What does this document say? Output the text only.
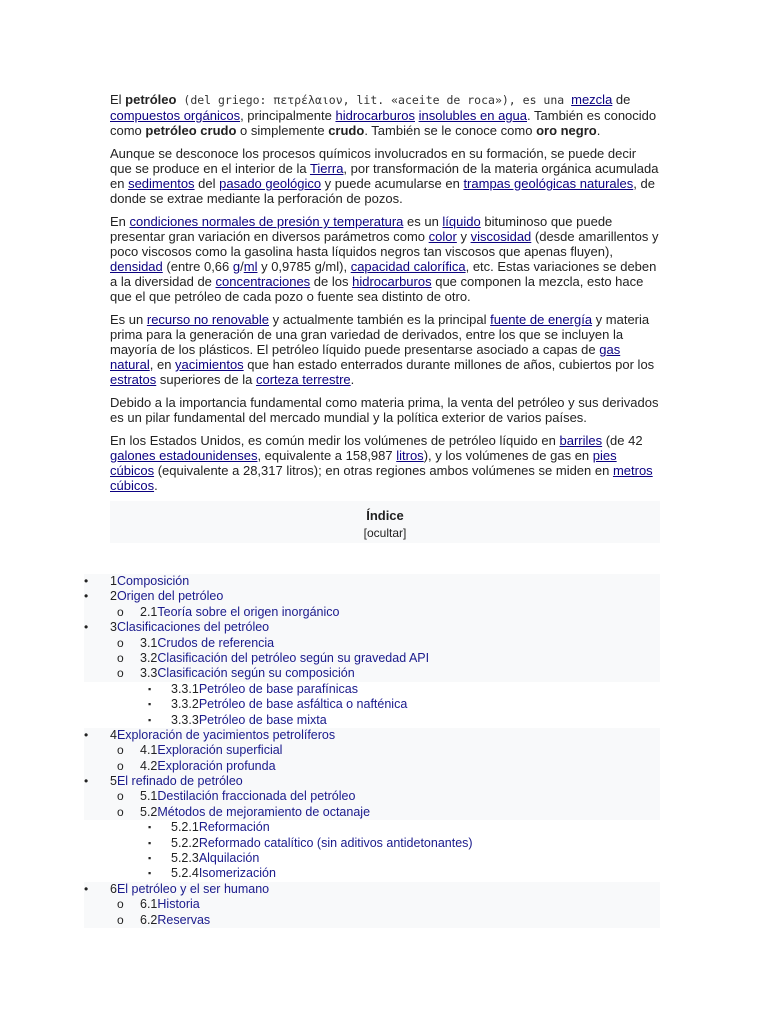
El petróleo (del griego: πετρέλαιον, lit. «aceite de roca»), es una mezcla de compuestos orgánicos, principalmente hidrocarburos insolubles en agua. También es conocido como petróleo crudo o simplemente crudo. También se le conoce como oro negro.

Aunque se desconoce los procesos químicos involucrados en su formación, se puede decir que se produce en el interior de la Tierra, por transformación de la materia orgánica acumulada en sedimentos del pasado geológico y puede acumularse en trampas geológicas naturales, de donde se extrae mediante la perforación de pozos.

En condiciones normales de presión y temperatura es un líquido bituminoso que puede presentar gran variación en diversos parámetros como color y viscosidad (desde amarillentos y poco viscosos como la gasolina hasta líquidos negros tan viscosos que apenas fluyen), densidad (entre 0,66 g/ml y 0,9785 g/ml), capacidad calorífica, etc. Estas variaciones se deben a la diversidad de concentraciones de los hidrocarburos que componen la mezcla, esto hace que el que petróleo de cada pozo o fuente sea distinto de otro.

Es un recurso no renovable y actualmente también es la principal fuente de energía y materia prima para la generación de una gran variedad de derivados, entre los que se incluyen la mayoría de los plásticos. El petróleo líquido puede presentarse asociado a capas de gas natural, en yacimientos que han estado enterrados durante millones de años, cubiertos por los estratos superiores de la corteza terrestre.

Debido a la importancia fundamental como materia prima, la venta del petróleo y sus derivados es un pilar fundamental del mercado mundial y la política exterior de varios países.

En los Estados Unidos, es común medir los volúmenes de petróleo líquido en barriles (de 42 galones estadounidenses, equivalente a 158,987 litros), y los volúmenes de gas en pies cúbicos (equivalente a 28,317 litros); en otras regiones ambos volúmenes se miden en metros cúbicos.

Índice
[ocultar]
• 1Composición
• 2Origen del petróleo
o 2.1Teoría sobre el origen inorgánico
• 3Clasificaciones del petróleo
o 3.1Crudos de referencia
o 3.2Clasificación del petróleo según su gravedad API
o 3.3Clasificación según su composición
▪ 3.3.1Petróleo de base parafínicas
▪ 3.3.2Petróleo de base asfáltica o nafténica
▪ 3.3.3Petróleo de base mixta
• 4Exploración de yacimientos petrolíferos
o 4.1Exploración superficial
o 4.2Exploración profunda
• 5El refinado de petróleo
o 5.1Destilación fraccionada del petróleo
o 5.2Métodos de mejoramiento de octanaje
▪ 5.2.1Reformación
▪ 5.2.2Reformado catalítico (sin aditivos antidetonantes)
▪ 5.2.3Alquilación
▪ 5.2.4Isomerización
• 6El petróleo y el ser humano
o 6.1Historia
o 6.2Reservas
